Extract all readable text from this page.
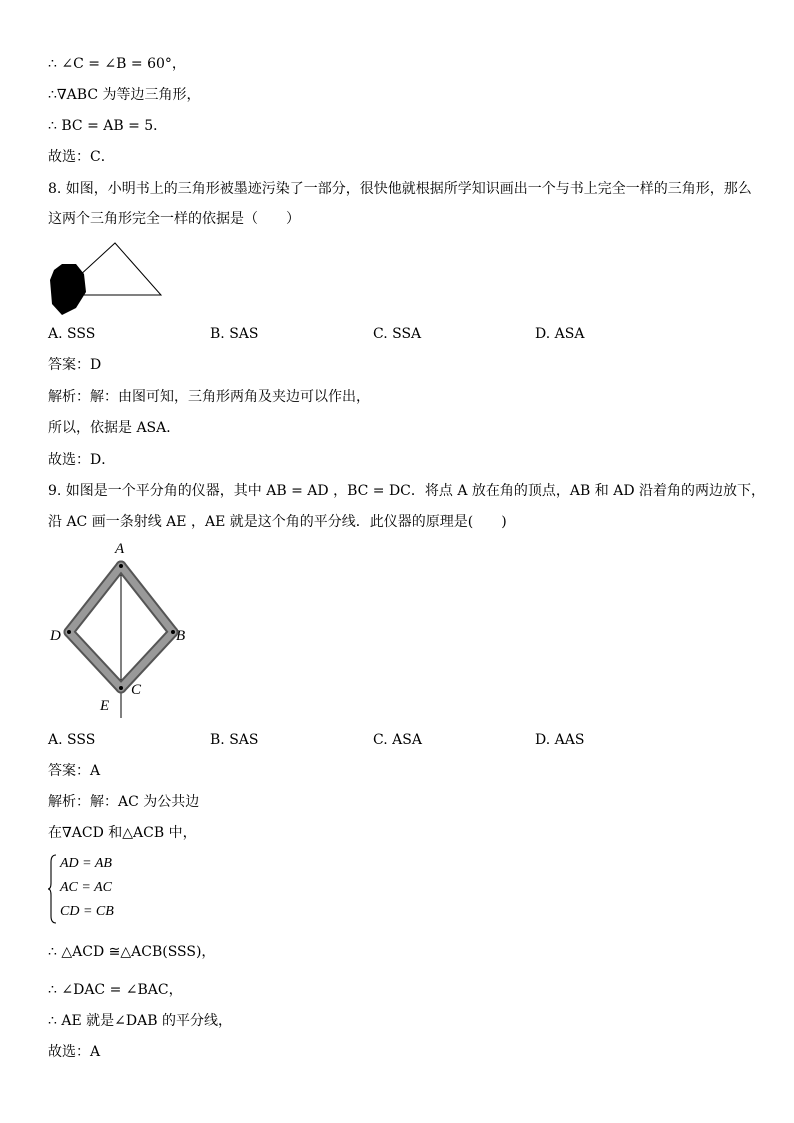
∴ ∠C = ∠B = 60°，
∴∇ABC 为等边三角形，
∴ BC = AB = 5．
故选：C．
8. 如图，小明书上的三角形被墨迹污染了一部分，很快他就根据所学知识画出一个与书上完全一样的三角形，那么
这两个三角形完全一样的依据是（　　）
A. SSS	B. SAS	C. SSA	D. ASA
答案：D
解析：解：由图可知，三角形两角及夹边可以作出，
所以，依据是 ASA．
故选：D．
9. 如图是一个平分角的仪器，其中 AB = AD ，BC = DC．将点 A 放在角的顶点，AB 和 AD 沿着角的两边放下，
沿 AC 画一条射线 AE ，AE 就是这个角的平分线．此仪器的原理是(　　)
A
D	B
C
E
A. SSS	B. SAS	C. ASA	D. AAS
答案：A
解析：解：AC 为公共边
在∇ACD 和△ACB 中，
AD = AB
AC = AC
CD = CB
∴ △ACD ≅△ACB(SSS)，
∴ ∠DAC = ∠BAC，
∴ AE 就是∠DAB 的平分线，
故选：A
